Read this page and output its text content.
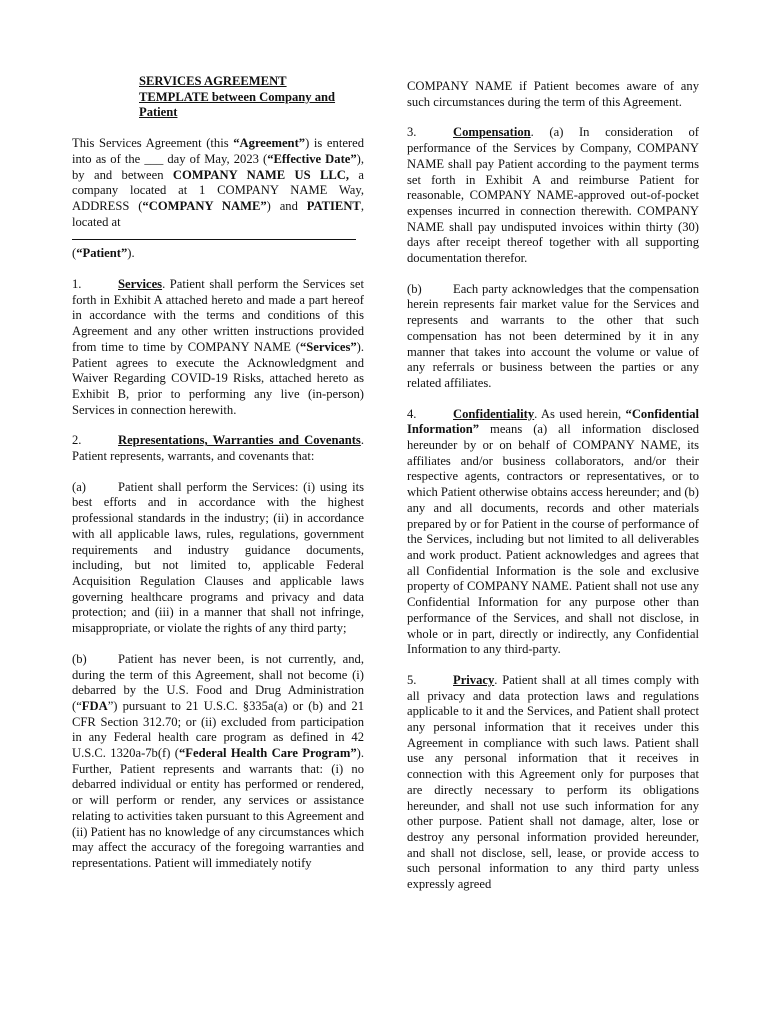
SERVICES AGREEMENT TEMPLATE between Company and Patient

This Services Agreement (this “Agreement”) is entered into as of the ___ day of May, 2023 (“Effective Date”), by and between COMPANY NAME US LLC, a company located at 1 COMPANY NAME Way, ADDRESS (“COMPANY NAME”) and PATIENT, located at
(“Patient”).

1.	Services. Patient shall perform the Services set forth in Exhibit A attached hereto and made a part hereof in accordance with the terms and conditions of this Agreement and any other written instructions provided from time to time by COMPANY NAME (“Services”). Patient agrees to execute the Acknowledgment and Waiver Regarding COVID-19 Risks, attached hereto as Exhibit B, prior to performing any live (in-person) Services in connection herewith.

2.	Representations, Warranties and Covenants. Patient represents, warrants, and covenants that:

(a)	Patient shall perform the Services: (i) using its best efforts and in accordance with the highest professional standards in the industry; (ii) in accordance with all applicable laws, rules, regulations, government requirements and industry guidance documents, including, but not limited to, applicable Federal Acquisition Regulation Clauses and applicable laws governing healthcare programs and privacy and data protection; and (iii) in a manner that shall not infringe, misappropriate, or violate the rights of any third party;

(b) Patient has never been, is not currently, and, during the term of this Agreement, shall not become (i) debarred by the U.S. Food and Drug Administration (“FDA”) pursuant to 21 U.S.C. §335a(a) or (b) and 21 CFR Section 312.70; or (ii) excluded from participation in any Federal health care program as defined in 42 U.S.C. 1320a-7b(f) (“Federal Health Care Program”). Further, Patient represents and warrants that: (i) no debarred individual or entity has performed or rendered, or will perform or render, any services or assistance relating to activities taken pursuant to this Agreement and (ii) Patient has no knowledge of any circumstances which may affect the accuracy of the foregoing warranties and representations. Patient will immediately notify

COMPANY NAME if Patient becomes aware of any such circumstances during the term of this Agreement.

3.	Compensation. (a) In consideration of performance of the Services by Company, COMPANY NAME shall pay Patient according to the payment terms set forth in Exhibit A and reimburse Patient for reasonable, COMPANY NAME-approved out-of-pocket expenses incurred in connection therewith. COMPANY NAME shall pay undisputed invoices within thirty (30) days after receipt thereof together with all supporting documentation therefor.

(b) Each party acknowledges that the compensation herein represents fair market value for the Services and represents and warrants to the other that such compensation has not been determined by it in any manner that takes into account the volume or value of any referrals or business between the parties or any related affiliates.

4.	Confidentiality. As used herein, “Confidential Information” means (a) all information disclosed hereunder by or on behalf of COMPANY NAME, its affiliates and/or business collaborators, and/or their respective agents, contractors or representatives, or to which Patient otherwise obtains access hereunder; and (b) any and all documents, records and other materials prepared by or for Patient in the course of performance of the Services, including but not limited to all deliverables and work product. Patient acknowledges and agrees that all Confidential Information is the sole and exclusive property of COMPANY NAME. Patient shall not use any Confidential Information for any purpose other than performance of the Services, and shall not disclose, in whole or in part, directly or indirectly, any Confidential Information to any third-party.

5.	Privacy. Patient shall at all times comply with all privacy and data protection laws and regulations applicable to it and the Services, and Patient shall protect any personal information that it receives under this Agreement in compliance with such laws. Patient shall use any personal information that it receives in connection with this Agreement only for purposes that are directly necessary to perform its obligations hereunder, and shall not use such information for any other purpose. Patient shall not damage, alter, lose or destroy any personal information provided hereunder, and shall not disclose, sell, lease, or provide access to such personal information to any third party unless expressly agreed
